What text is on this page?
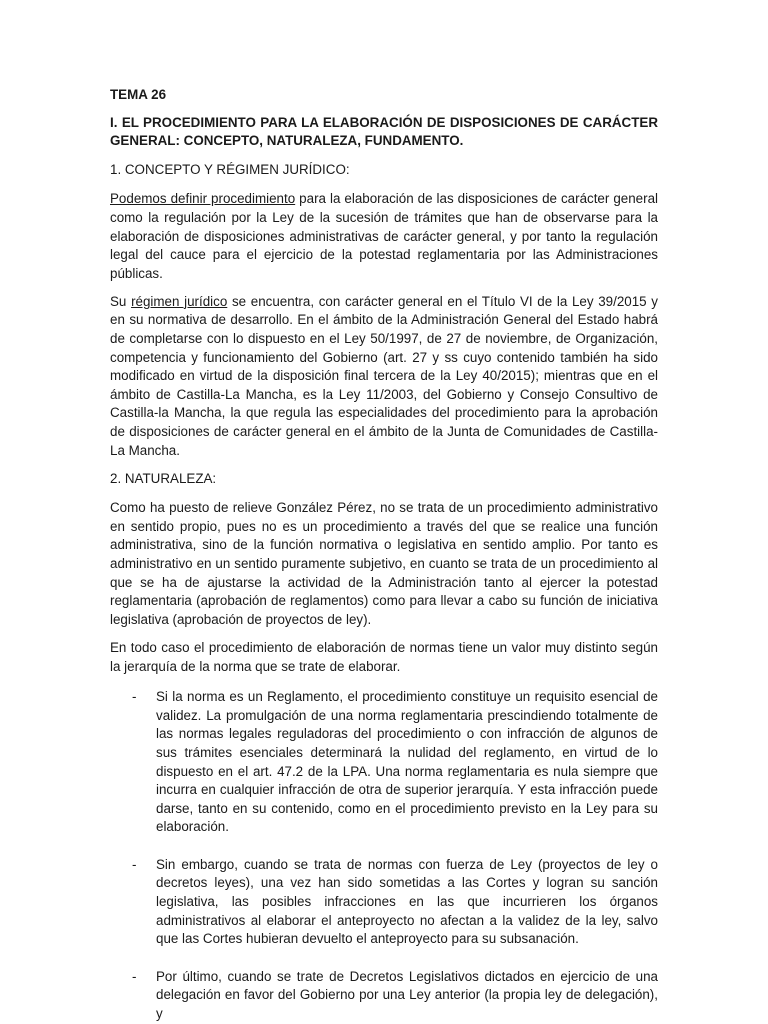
TEMA 26

I. EL PROCEDIMIENTO PARA LA ELABORACIÓN DE DISPOSICIONES DE CARÁCTER GENERAL: CONCEPTO, NATURALEZA, FUNDAMENTO.

1. CONCEPTO Y RÉGIMEN JURÍDICO:

Podemos definir procedimiento para la elaboración de las disposiciones de carácter general como la regulación por la Ley de la sucesión de trámites que han de observarse para la elaboración de disposiciones administrativas de carácter general, y por tanto la regulación legal del cauce para el ejercicio de la potestad reglamentaria por las Administraciones públicas.

Su régimen jurídico se encuentra, con carácter general en el Título VI de la Ley 39/2015 y en su normativa de desarrollo. En el ámbito de la Administración General del Estado habrá de completarse con lo dispuesto en el Ley 50/1997, de 27 de noviembre, de Organización, competencia y funcionamiento del Gobierno (art. 27 y ss cuyo contenido también ha sido modificado en virtud de la disposición final tercera de la Ley 40/2015); mientras que en el ámbito de Castilla-La Mancha, es la Ley 11/2003, del Gobierno y Consejo Consultivo de Castilla-la Mancha, la que regula las especialidades del procedimiento para la aprobación de disposiciones de carácter general en el ámbito de la Junta de Comunidades de Castilla-La Mancha.

2. NATURALEZA:

Como ha puesto de relieve González Pérez, no se trata de un procedimiento administrativo en sentido propio, pues no es un procedimiento a través del que se realice una función administrativa, sino de la función normativa o legislativa en sentido amplio. Por tanto es administrativo en un sentido puramente subjetivo, en cuanto se trata de un procedimiento al que se ha de ajustarse la actividad de la Administración tanto al ejercer la potestad reglamentaria (aprobación de reglamentos) como para llevar a cabo su función de iniciativa legislativa (aprobación de proyectos de ley).

En todo caso el procedimiento de elaboración de normas tiene un valor muy distinto según la jerarquía de la norma que se trate de elaborar.

- Si la norma es un Reglamento, el procedimiento constituye un requisito esencial de validez. La promulgación de una norma reglamentaria prescindiendo totalmente de las normas legales reguladoras del procedimiento o con infracción de algunos de sus trámites esenciales determinará la nulidad del reglamento, en virtud de lo dispuesto en el art. 47.2 de la LPA. Una norma reglamentaria es nula siempre que incurra en cualquier infracción de otra de superior jerarquía. Y esta infracción puede darse, tanto en su contenido, como en el procedimiento previsto en la Ley para su elaboración.
- Sin embargo, cuando se trata de normas con fuerza de Ley (proyectos de ley o decretos leyes), una vez han sido sometidas a las Cortes y logran su sanción legislativa, las posibles infracciones en las que incurrieren los órganos administrativos al elaborar el anteproyecto no afectan a la validez de la ley, salvo que las Cortes hubieran devuelto el anteproyecto para su subsanación.
- Por último, cuando se trate de Decretos Legislativos dictados en ejercicio de una delegación en favor del Gobierno por una Ley anterior (la propia ley de delegación), y
